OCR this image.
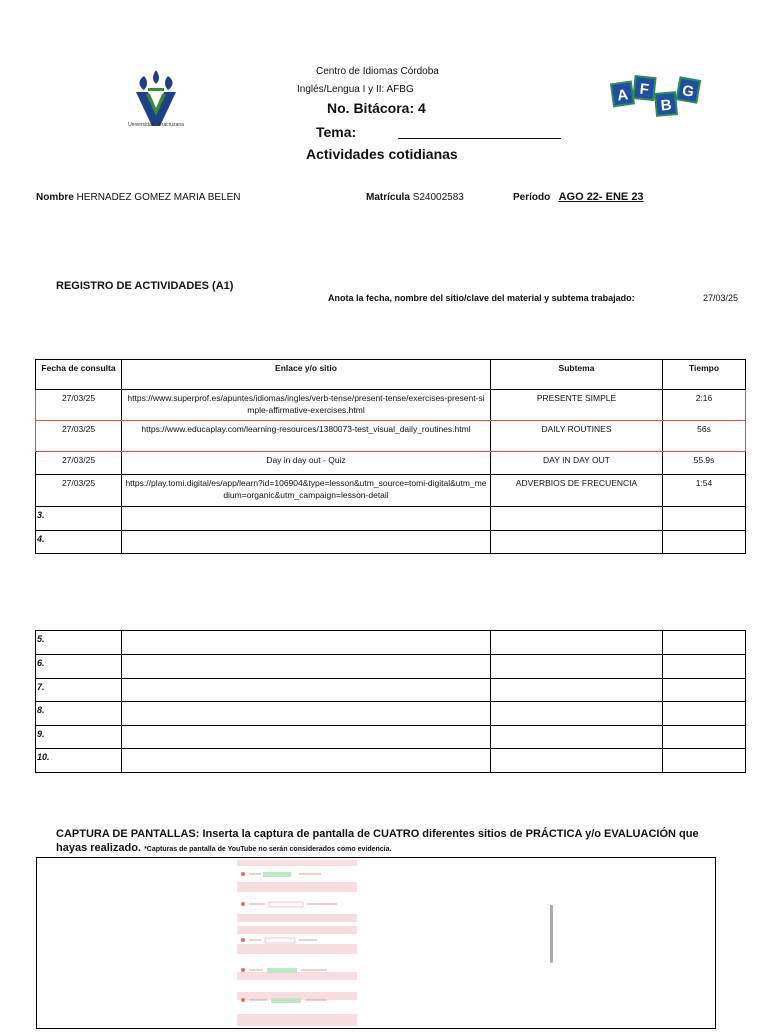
Universidad Veracruzana
Centro de Idiomas Córdoba
Inglés/Lengua I y II: AFBG
No. Bitácora: 4
Tema:
Actividades cotidianas
A F
B
G
Nombre HERNADEZ GOMEZ MARIA BELEN	Matrícula S24002583	Período AGO 22- ENE 23
REGISTRO DE ACTIVIDADES (A1)
Anota la fecha, nombre del sitio/clave del material y subtema trabajado:	27/03/25
Fecha de consulta	Enlace y/o sitio	Subtema	Tiempo
27/03/25	https://www.superprof.es/apuntes/idiomas/ingles/verb-tense/present-tense/exercises-present-simple-affirmative-exercises.html	PRESENTE SIMPLE	2:16
27/03/25	https://www.educaplay.com/learning-resources/1380073-test_visual_daily_routines.html	DAILY ROUTINES	56s
27/03/25	Day in day out - Quiz	DAY IN DAY OUT	55.9s
27/03/25	https://play.tomi.digital/es/app/learn?id=106904&type=lesson&utm_source=tomi-digital&utm_medium=organic&utm_campaign=lesson-detail	ADVERBIOS DE FRECUENCIA	1:54
3.			
4.			
5.			
6.			
7.			
8.			
9.			
10.			
CAPTURA DE PANTALLAS: Inserta la captura de pantalla de CUATRO diferentes sitios de PRÁCTICA y/o EVALUACIÓN que hayas realizado. *Capturas de pantalla de YouTube no serán considerados como evidencia.
